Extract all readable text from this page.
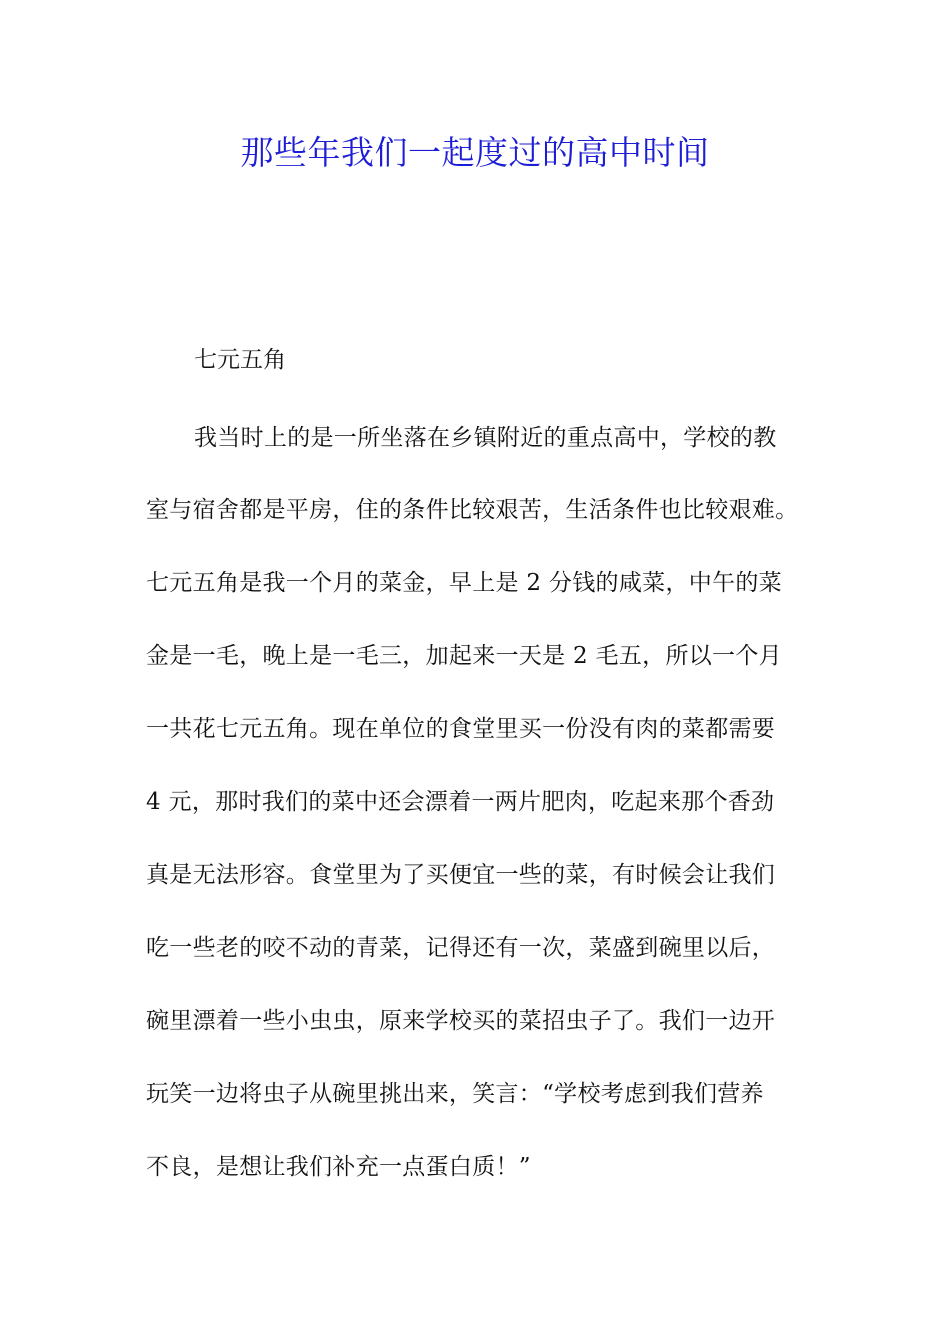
那些年我们一起度过的高中时间

七元五角

我当时上的是一所坐落在乡镇附近的重点高中，学校的教

室与宿舍都是平房，住的条件比较艰苦，生活条件也比较艰难。

七元五角是我一个月的菜金，早上是 2 分钱的咸菜，中午的菜

金是一毛，晚上是一毛三，加起来一天是 2 毛五，所以一个月

一共花七元五角。现在单位的食堂里买一份没有肉的菜都需要

4 元，那时我们的菜中还会漂着一两片肥肉，吃起来那个香劲

真是无法形容。食堂里为了买便宜一些的菜，有时候会让我们

吃一些老的咬不动的青菜，记得还有一次，菜盛到碗里以后，

碗里漂着一些小虫虫，原来学校买的菜招虫子了。我们一边开

玩笑一边将虫子从碗里挑出来，笑言：“学校考虑到我们营养

不良，是想让我们补充一点蛋白质！”
